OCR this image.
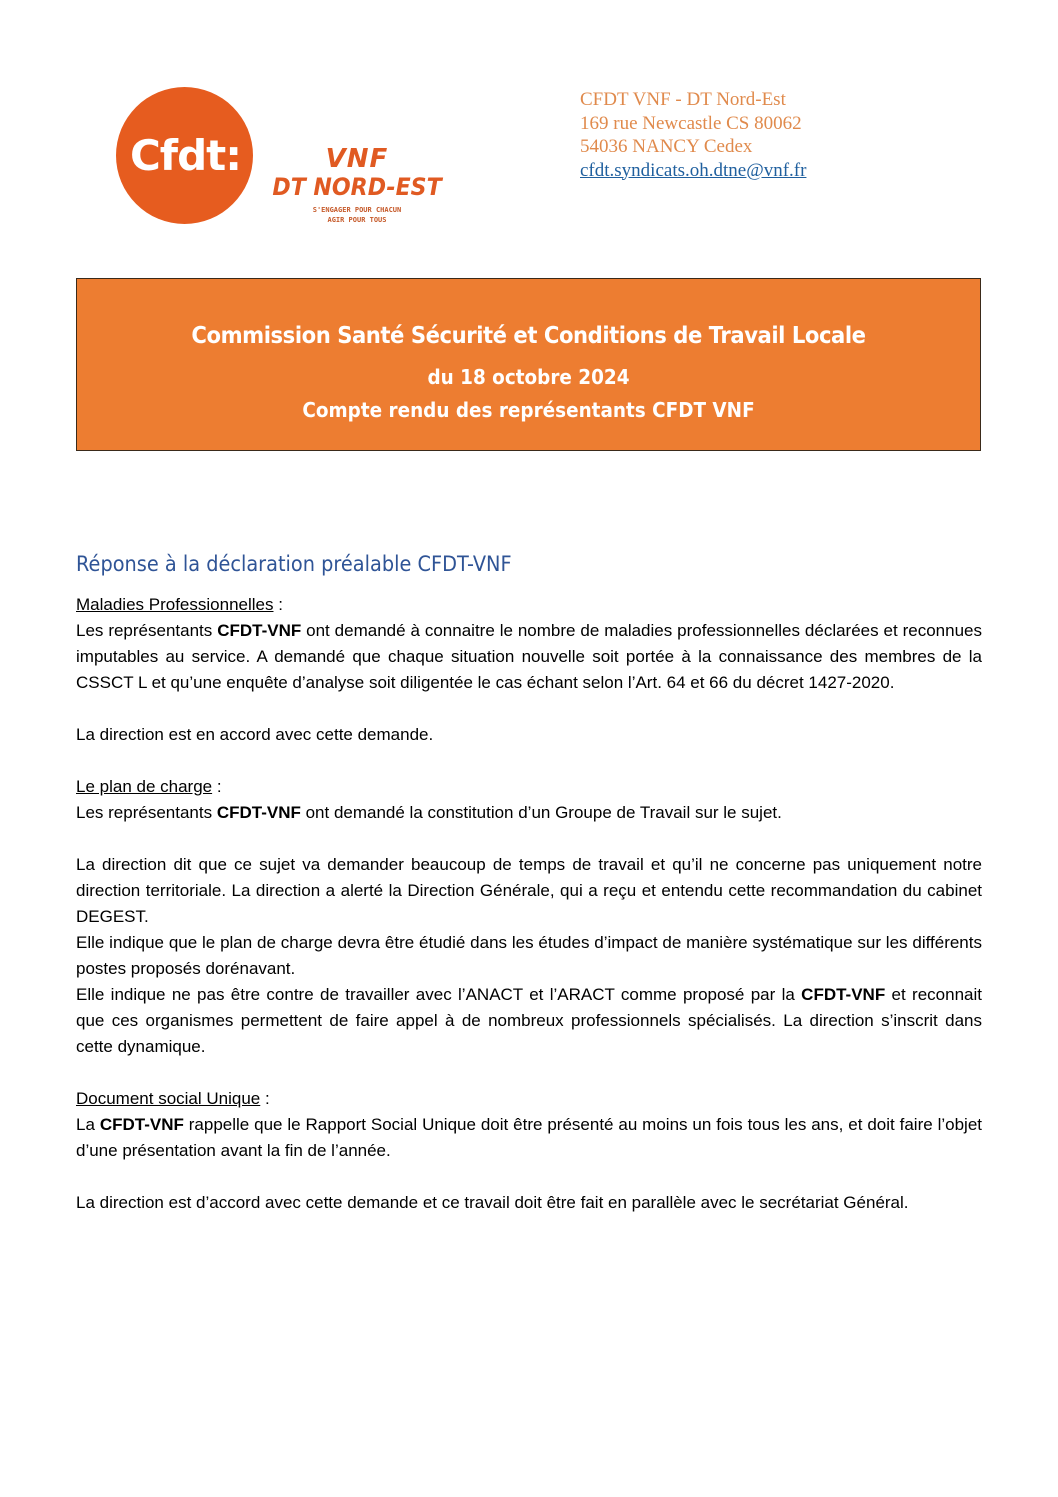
Cfdt:	VNF
DT NORD-EST
S'ENGAGER POUR CHACUN
AGIR POUR TOUS
CFDT VNF - DT Nord-Est
169 rue Newcastle CS 80062
54036 NANCY Cedex
cfdt.syndicats.oh.dtne@vnf.fr
Commission Santé Sécurité et Conditions de Travail Locale
du 18 octobre 2024
Compte rendu des représentants CFDT VNF
Réponse à la déclaration préalable CFDT-VNF

Maladies Professionnelles :

Les représentants CFDT-VNF ont demandé à connaitre le nombre de maladies professionnelles déclarées et reconnues imputables au service. A demandé que chaque situation nouvelle soit portée à la connaissance des membres de la CSSCT L et qu’une enquête d’analyse soit diligentée le cas échant selon l’Art. 64 et 66 du décret 1427-2020.

La direction est en accord avec cette demande.

Le plan de charge :

Les représentants CFDT-VNF ont demandé la constitution d’un Groupe de Travail sur le sujet.

La direction dit que ce sujet va demander beaucoup de temps de travail et qu’il ne concerne pas uniquement notre direction territoriale. La direction a alerté la Direction Générale, qui a reçu et entendu cette recommandation du cabinet DEGEST.

Elle indique que le plan de charge devra être étudié dans les études d’impact de manière systématique sur les différents postes proposés dorénavant.

Elle indique ne pas être contre de travailler avec l’ANACT et l’ARACT comme proposé par la CFDT-VNF et reconnait que ces organismes permettent de faire appel à de nombreux professionnels spécialisés. La direction s’inscrit dans cette dynamique.

Document social Unique :

La CFDT-VNF rappelle que le Rapport Social Unique doit être présenté au moins un fois tous les ans, et doit faire l’objet d’une présentation avant la fin de l’année.

La direction est d’accord avec cette demande et ce travail doit être fait en parallèle avec le secrétariat Général.
